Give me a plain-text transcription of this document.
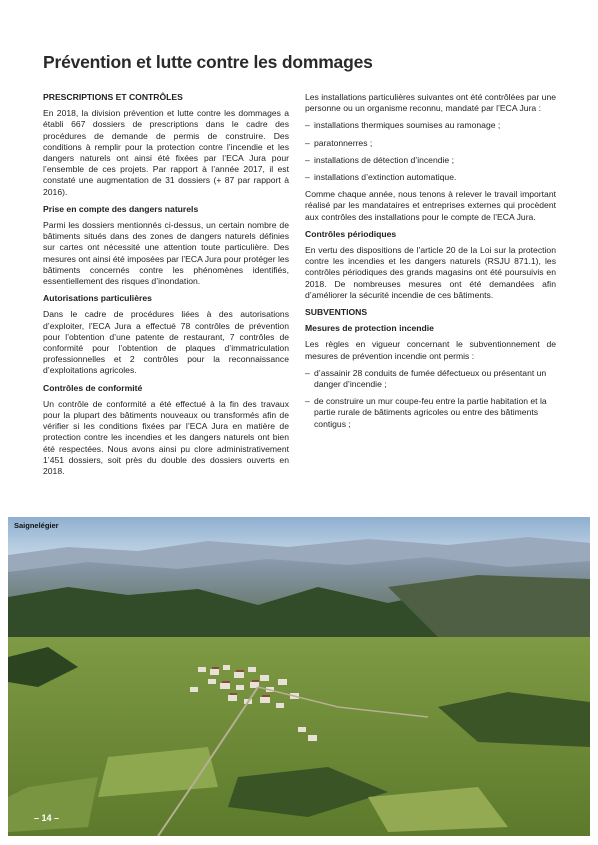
Prévention et lutte contre les dommages
PRESCRIPTIONS ET CONTRÔLES

En 2018, la division prévention et lutte contre les dommages a établi 667 dossiers de prescriptions dans le cadre des procédures de demande de permis de construire. Des conditions à remplir pour la protection contre l’incendie et les dangers naturels ont ainsi été fixées par l’ECA Jura pour l’ensemble de ces projets. Par rapport à l’année 2017, il est constaté une augmentation de 31 dossiers (+ 87 par rapport à 2016).

Prise en compte des dangers naturels

Parmi les dossiers mentionnés ci-dessus, un certain nombre de bâtiments situés dans des zones de dangers naturels définies sur cartes ont nécessité une attention toute particulière. Des mesures ont ainsi été imposées par l’ECA Jura pour protéger les bâtiments concernés contre les phénomènes identifiés, essentiellement des risques d’inondation.

Autorisations particulières

Dans le cadre de procédures liées à des autorisations d’exploiter, l’ECA Jura a effectué 78 contrôles de prévention pour l’obtention d’une patente de restaurant, 7 contrôles de conformité pour l’obtention de plaques d’immatriculation professionnelles et 2 contrôles pour la reconnaissance d’exploitations agricoles.

Contrôles de conformité

Un contrôle de conformité a été effectué à la fin des travaux pour la plupart des bâtiments nouveaux ou transformés afin de vérifier si les conditions fixées par l’ECA Jura en matière de protection contre les incendies et les dangers naturels ont bien été respectées. Nous avons ainsi pu clore administrativement 1’451 dossiers, soit près du double des dossiers ouverts en 2018.

Les installations particulières suivantes ont été contrôlées par une personne ou un organisme reconnu, mandaté par l’ECA Jura :

– installations thermiques soumises au ramonage ;
– paratonnerres ;
– installations de détection d’incendie ;
– installations d’extinction automatique.

Comme chaque année, nous tenons à relever le travail important réalisé par les mandataires et entreprises externes qui procèdent aux contrôles des installations pour le compte de l’ECA Jura.

Contrôles périodiques

En vertu des dispositions de l’article 20 de la Loi sur la protection contre les incendies et les dangers naturels (RSJU 871.1), les contrôles périodiques des grands magasins ont été poursuivis en 2018. De nombreuses mesures ont été demandées afin d’améliorer la sécurité incendie de ces bâtiments.

SUBVENTIONS
Mesures de protection incendie

Les règles en vigueur concernant le subventionnement de mesures de prévention incendie ont permis :

– d’assainir 28 conduits de fumée défectueux ou présentant un danger d’incendie ;
– de construire un mur coupe-feu entre la partie habitation et la partie rurale de bâtiments agricoles ou entre des bâtiments contigus ;
Saignelégier
– 14 –
